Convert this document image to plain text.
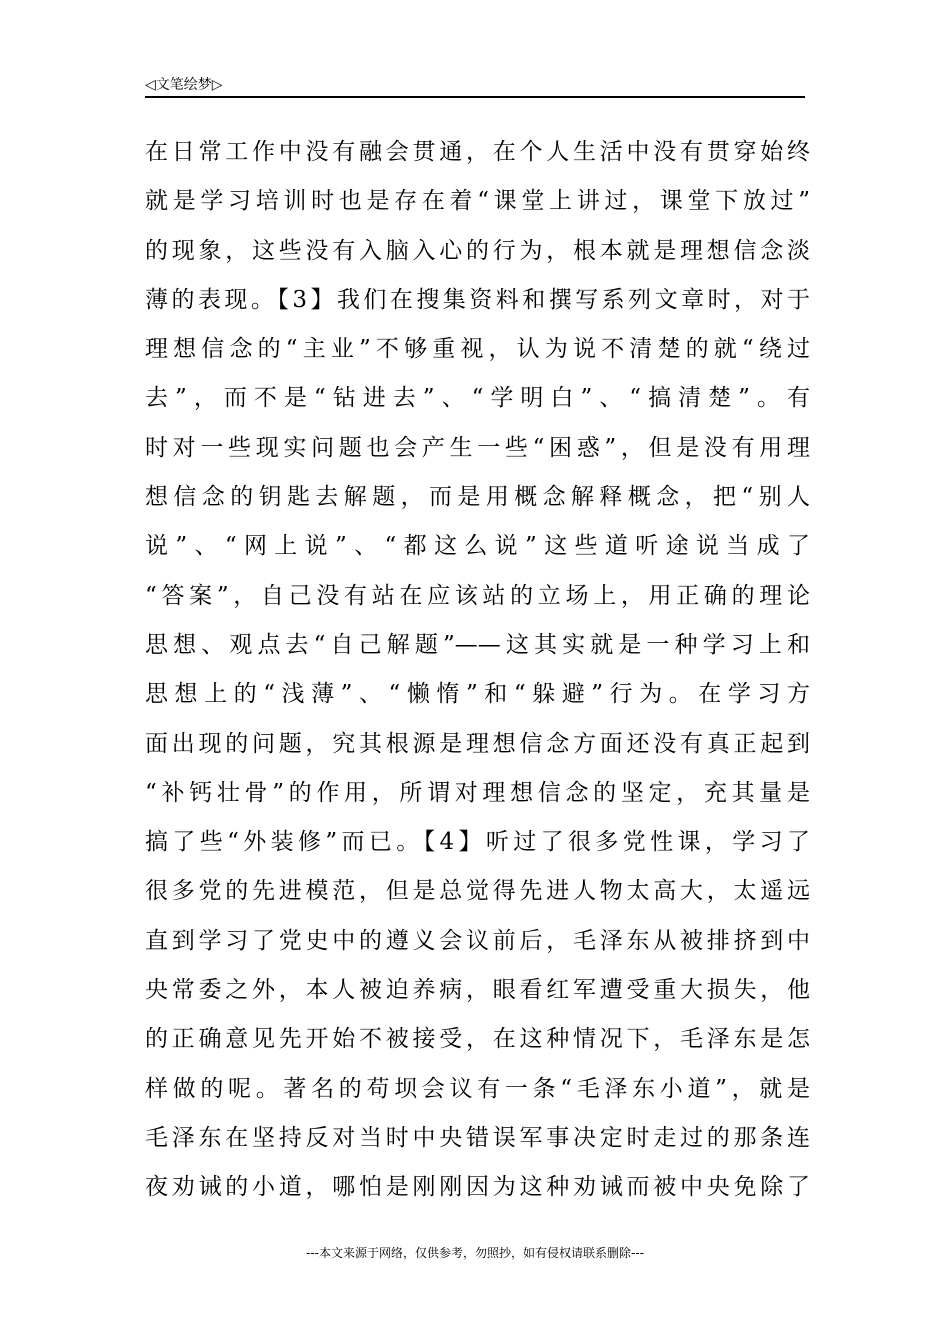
◁文笔绘梦▷
在日常工作中没有融会贯通，在个人生活中没有贯穿始终
就是学习培训时也是存在着“课堂上讲过，课堂下放过”
的现象，这些没有入脑入心的行为，根本就是理想信念淡
薄的表现。【3】我们在搜集资料和撰写系列文章时，对于
理想信念的“主业”不够重视，认为说不清楚的就“绕过
去”，而不是“钻进去”、“学明白”、“搞清楚”。有
时对一些现实问题也会产生一些“困惑”，但是没有用理
想信念的钥匙去解题，而是用概念解释概念，把“别人
说”、“网上说”、“都这么说”这些道听途说当成了
“答案”，自己没有站在应该站的立场上，用正确的理论
思想、观点去“自己解题”——这其实就是一种学习上和
思想上的“浅薄”、“懒惰”和“躲避”行为。在学习方
面出现的问题，究其根源是理想信念方面还没有真正起到
“补钙壮骨”的作用，所谓对理想信念的坚定，充其量是
搞了些“外装修”而已。【4】听过了很多党性课，学习了
很多党的先进模范，但是总觉得先进人物太高大，太遥远
直到学习了党史中的遵义会议前后，毛泽东从被排挤到中
央常委之外，本人被迫养病，眼看红军遭受重大损失，他
的正确意见先开始不被接受，在这种情况下，毛泽东是怎
样做的呢。著名的苟坝会议有一条“毛泽东小道”，就是
毛泽东在坚持反对当时中央错误军事决定时走过的那条连
夜劝诫的小道，哪怕是刚刚因为这种劝诫而被中央免除了
---本文来源于网络，仅供参考，勿照抄，如有侵权请联系删除---
